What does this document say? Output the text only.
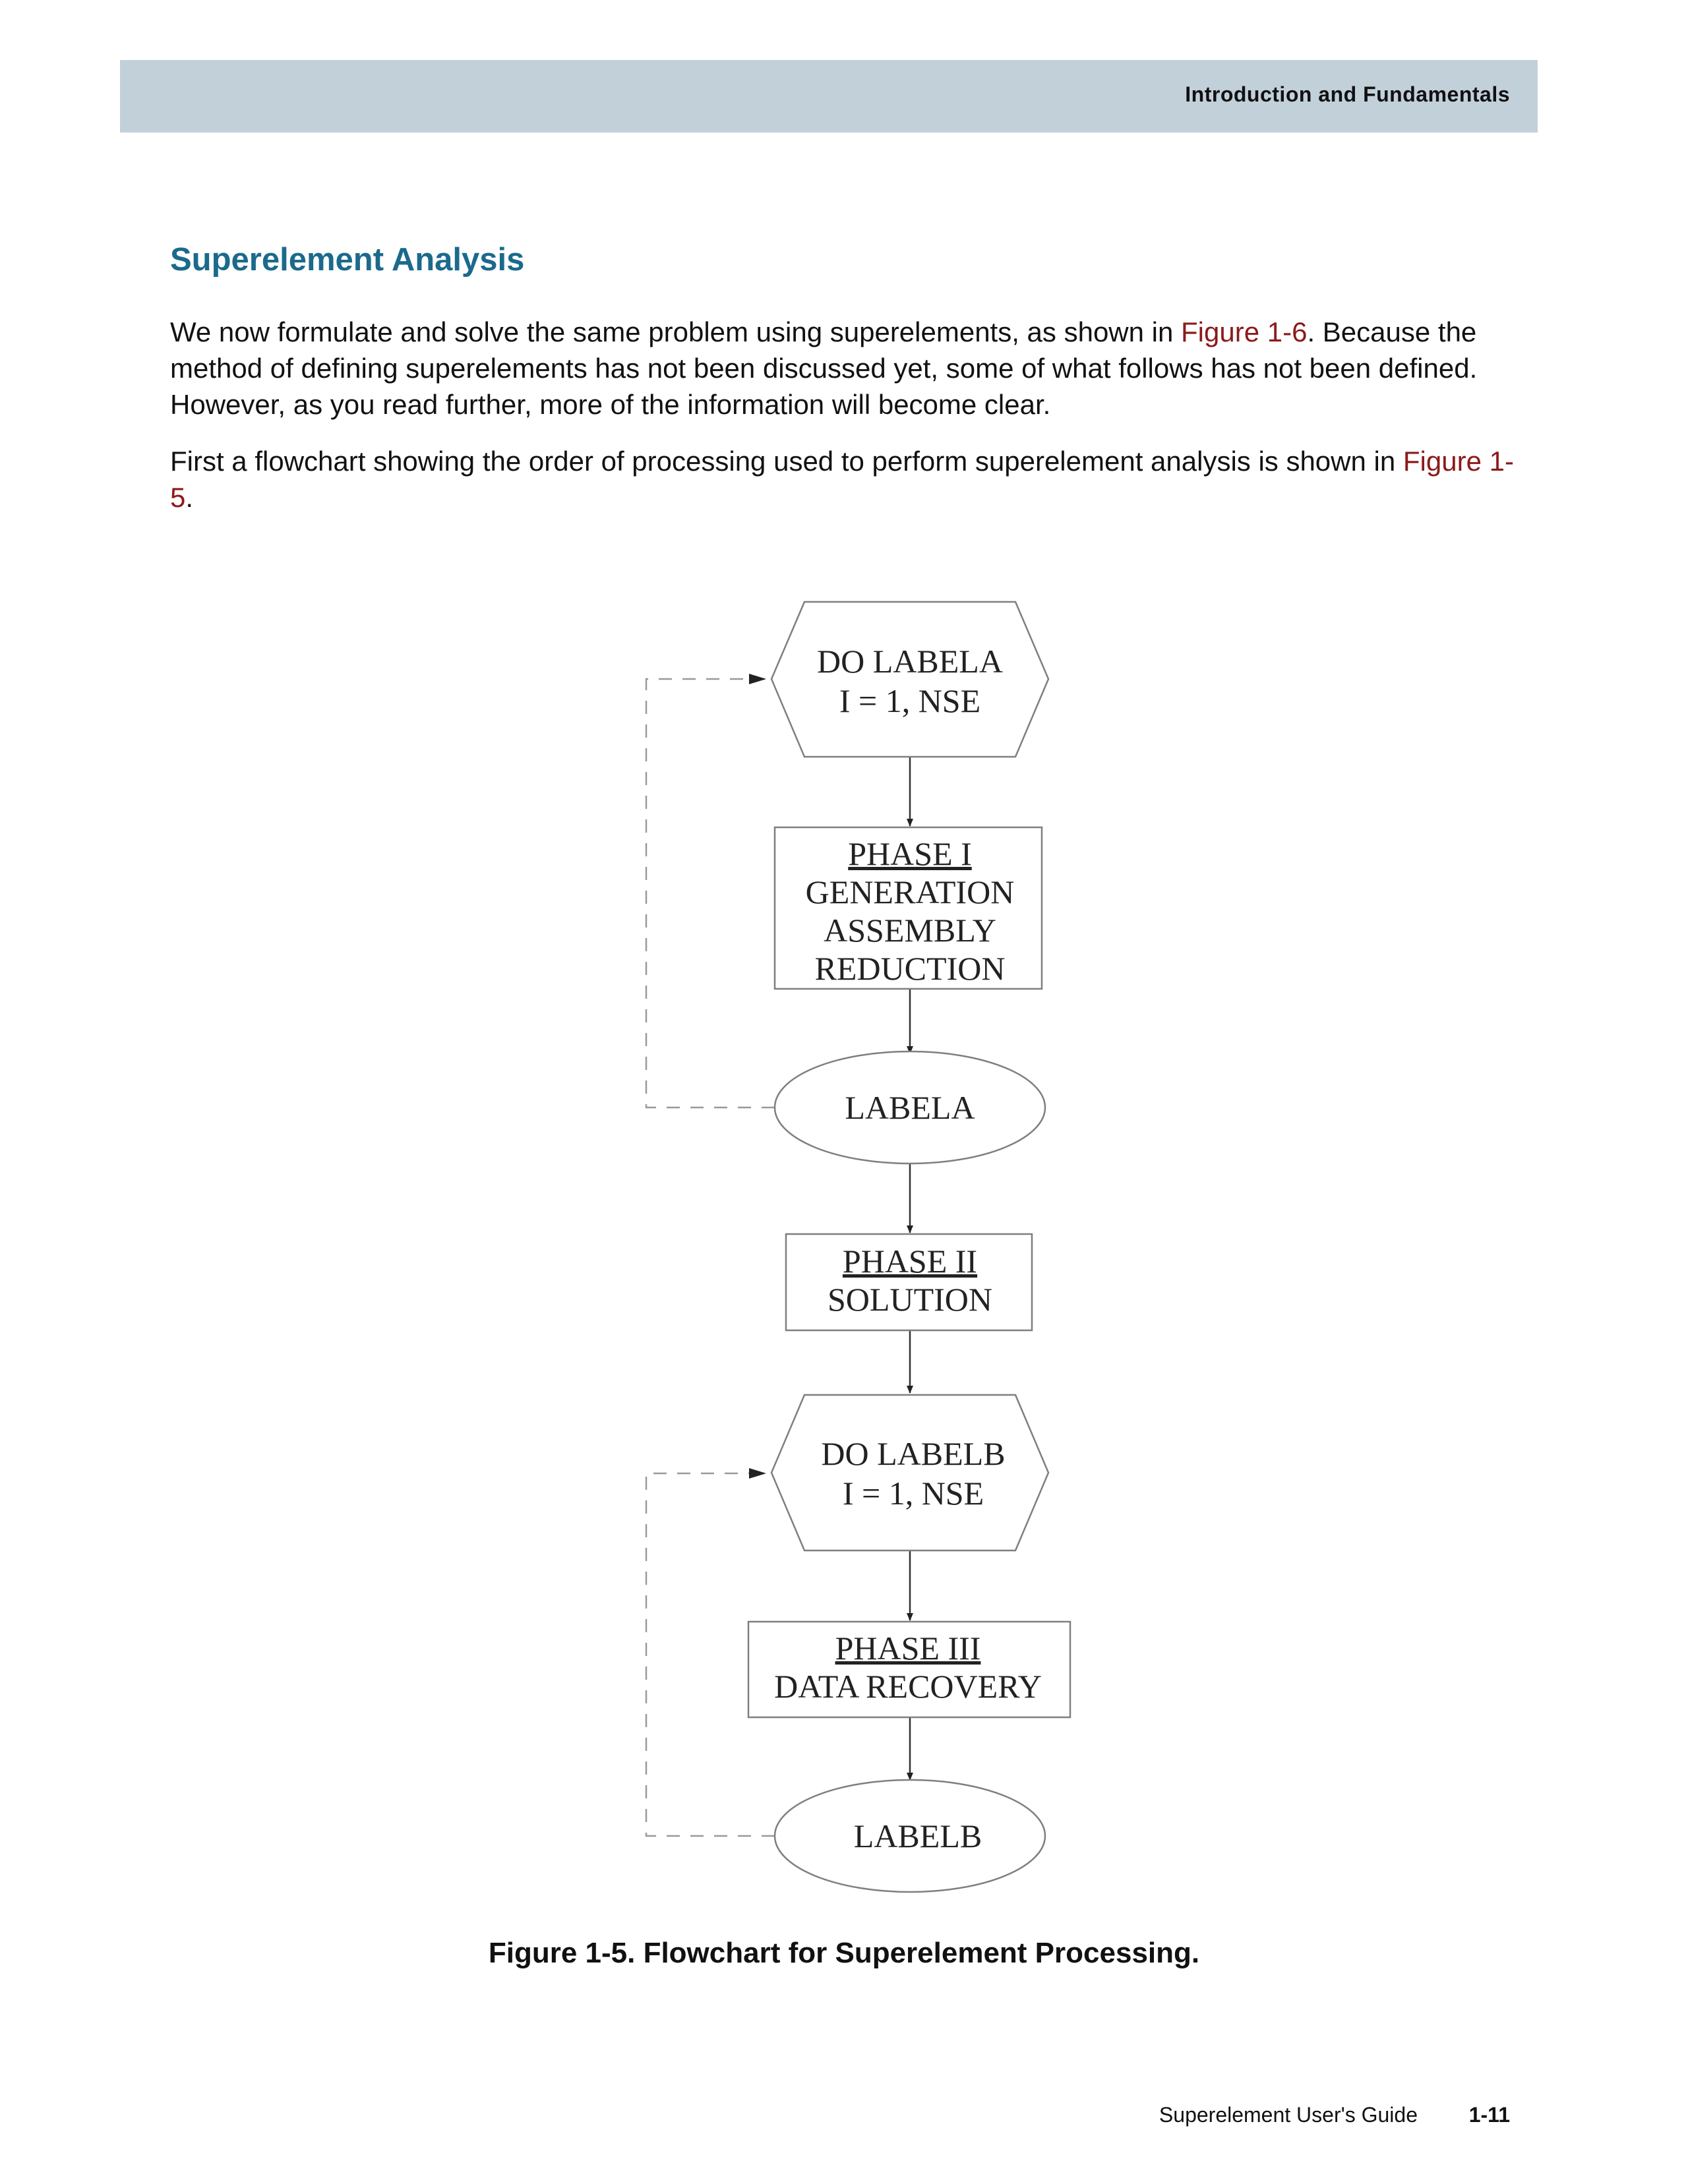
Introduction and Fundamentals
Superelement Analysis

We now formulate and solve the same problem using superelements, as shown in Figure 1-6. Because the method of defining superelements has not been discussed yet, some of what follows has not been defined. However, as you read further, more of the information will become clear.

First a flowchart showing the order of processing used to perform superelement analysis is shown in Figure 1-5.

DO LABELA
I = 1, NSE
PHASE I
GENERATION
ASSEMBLY
REDUCTION
LABELA
PHASE II
SOLUTION
DO LABELB
I = 1, NSE
PHASE III
DATA RECOVERY
LABELB

Figure 1-5. Flowchart for Superelement Processing.

Superelement User's Guide 1-11
